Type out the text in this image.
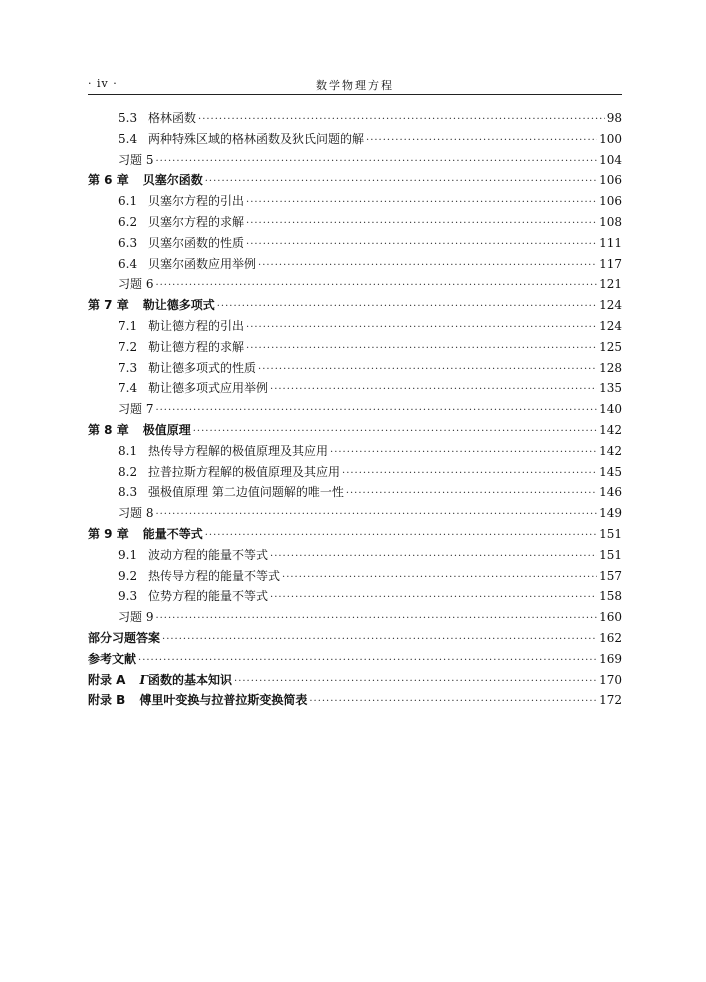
· iv ·	数学物理方程
5.3 格林函数 ·····	98
5.4 两种特殊区域的格林函数及狄氏问题的解 ·····	100
习题 5 ·····	104
第 6 章 贝塞尔函数 ·····	106
6.1 贝塞尔方程的引出 ·····	106
6.2 贝塞尔方程的求解 ·····	108
6.3 贝塞尔函数的性质 ·····	111
6.4 贝塞尔函数应用举例 ·····	117
习题 6 ·····	121
第 7 章 勒让德多项式 ·····	124
7.1 勒让德方程的引出 ·····	124
7.2 勒让德方程的求解 ·····	125
7.3 勒让德多项式的性质 ·····	128
7.4 勒让德多项式应用举例 ·····	135
习题 7 ·····	140
第 8 章 极值原理 ·····	142
8.1 热传导方程解的极值原理及其应用 ·····	142
8.2 拉普拉斯方程解的极值原理及其应用 ·····	145
8.3 强极值原理 第二边值问题解的唯一性 ·····	146
习题 8 ·····	149
第 9 章 能量不等式 ·····	151
9.1 波动方程的能量不等式 ·····	151
9.2 热传导方程的能量不等式 ·····	157
9.3 位势方程的能量不等式 ·····	158
习题 9 ·····	160
部分习题答案 ·····	162
参考文献 ·····	169
附录 A Γ函数的基本知识 ·····	170
附录 B 傅里叶变换与拉普拉斯变换简表 ·····	172
